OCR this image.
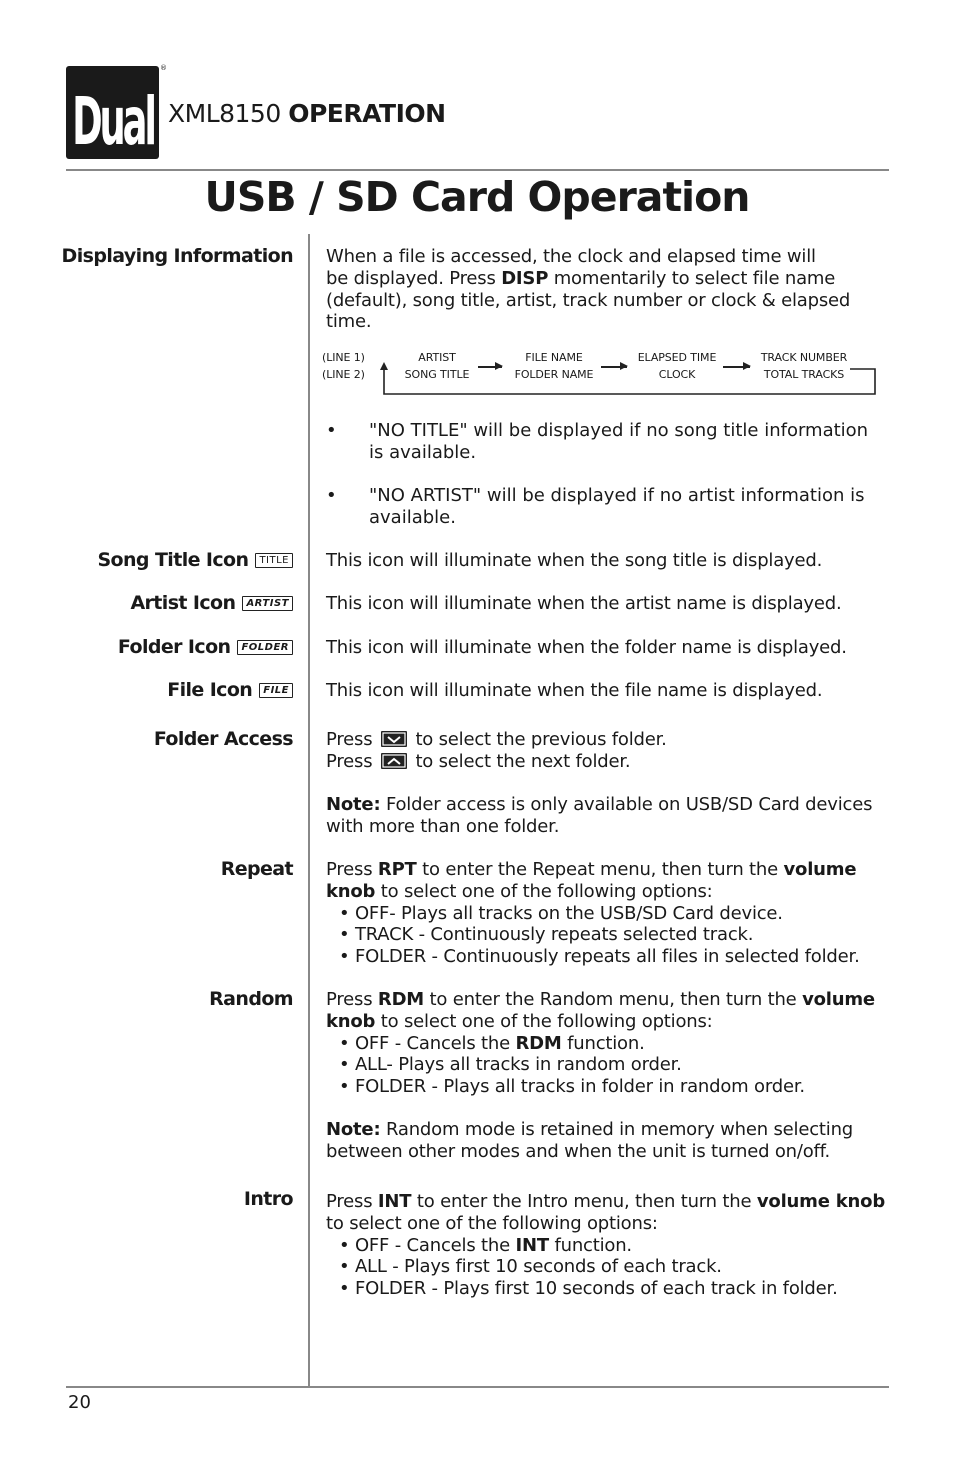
Dual
®
XML8150 OPERATION
USB / SD Card Operation
Displaying Information When a file is accessed, the clock and elapsed time will
be displayed. Press DISP momentarily to select file name
(default), song title, artist, track number or clock & elapsed
time.
(LINE 1)
(LINE 2)
ARTIST
SONG TITLE
FILE NAME
FOLDER NAME
ELAPSED TIME
CLOCK
TRACK NUMBER
TOTAL TRACKS
•	"NO TITLE" will be displayed if no song title information
is available.
•	"NO ARTIST" will be displayed if no artist information is
available.
Song Title Icon	TITLE This icon will illuminate when the song title is displayed.
Artist Icon	ARTIST This icon will illuminate when the artist name is displayed.
Folder Icon	FOLDER This icon will illuminate when the folder name is displayed.
File Icon	FILE This icon will illuminate when the file name is displayed.
Folder Access Press to select the previous folder.
Press to select the next folder.
Note: Folder access is only available on USB/SD Card devices
with more than one folder.
Repeat Press RPT to enter the Repeat menu, then turn the volume
knob to select one of the following options:
• OFF- Plays all tracks on the USB/SD Card device.
• TRACK - Continuously repeats selected track.
• FOLDER - Continuously repeats all files in selected folder.
Random Press RDM to enter the Random menu, then turn the volume
knob to select one of the following options:
• OFF - Cancels the RDM function.
• ALL- Plays all tracks in random order.
• FOLDER - Plays all tracks in folder in random order.
Note: Random mode is retained in memory when selecting
between other modes and when the unit is turned on/off.
Intro Press INT to enter the Intro menu, then turn the volume knob
to select one of the following options:
• OFF - Cancels the INT function.
• ALL - Plays first 10 seconds of each track.
• FOLDER - Plays first 10 seconds of each track in folder.
20
